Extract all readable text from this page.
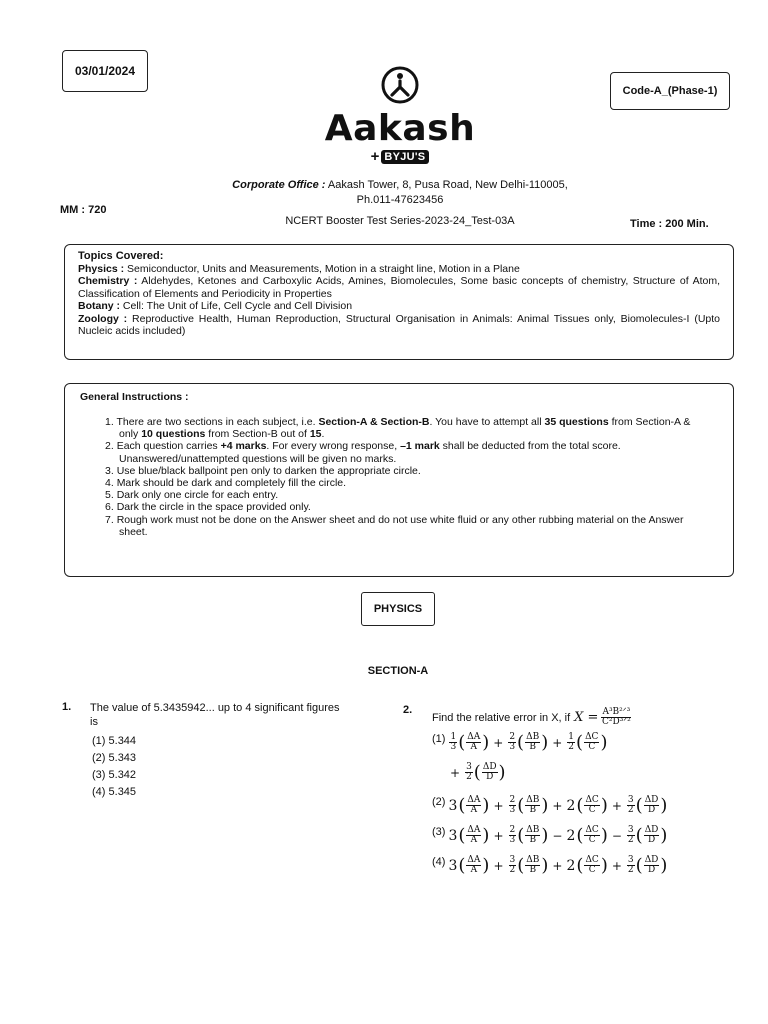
03/01/2024
Code-A_(Phase-1)
Aakash
+ BYJU'S
Corporate Office : Aakash Tower, 8, Pusa Road, New Delhi-110005,
Ph.011-47623456
MM : 720
NCERT Booster Test Series-2023-24_Test-03A	Time : 200 Min.
Topics Covered:
Physics : Semiconductor, Units and Measurements, Motion in a straight line, Motion in a Plane
Chemistry : Aldehydes, Ketones and Carboxylic Acids, Amines, Biomolecules, Some basic concepts of chemistry, Structure of Atom, Classification of Elements and Periodicity in Properties
Botany : Cell: The Unit of Life, Cell Cycle and Cell Division
Zoology : Reproductive Health, Human Reproduction, Structural Organisation in Animals: Animal Tissues only, Biomolecules-I (Upto Nucleic acids included)
General Instructions :
1. There are two sections in each subject, i.e. Section-A & Section-B. You have to attempt all 35 questions from Section-A & only 10 questions from Section-B out of 15.
2. Each question carries +4 marks. For every wrong response, –1 mark shall be deducted from the total score. Unanswered/unattempted questions will be given no marks.
3. Use blue/black ballpoint pen only to darken the appropriate circle.
4. Mark should be dark and completely fill the circle.
5. Dark only one circle for each entry.
6. Dark the circle in the space provided only.
7. Rough work must not be done on the Answer sheet and do not use white fluid or any other rubbing material on the Answer sheet.
PHYSICS
SECTION-A
1. The value of 5.3435942... up to 4 significant figures is
(1) 5.344
(2) 5.343
(3) 5.342
(4) 5.345
2.
Find the relative error in X, if $X = \frac{\text{A³B²ᐟ³}}{\text{C²D³ᐟ²}}$
$(1) \frac{1}{3}$ ( $\frac{\Delta A}{A}$ ) + $\frac{2}{3}$ ( $\frac{\Delta B}{B}$ ) + $\frac{1}{2}$ ( $\frac{\Delta C}{C}$ )
+ $\frac{3}{2}$ ( $\frac{\Delta D}{D}$ )
(2) 3 ( $\frac{\Delta A}{A}$ ) + $\frac{2}{3}$ ( $\frac{\Delta B}{B}$ ) + 2 ( $\frac{\Delta C}{C}$ ) + $\frac{3}{2}$ ( $\frac{\Delta D}{D}$ )
(3) 3 ( $\frac{\Delta A}{A}$ ) + $\frac{2}{3}$ ( $\frac{\Delta B}{B}$ ) − 2 ( $\frac{\Delta C}{C}$ ) − $\frac{3}{2}$ ( $\frac{\Delta D}{D}$ )
(4) 3 ( $\frac{\Delta A}{A}$ ) + $\frac{3}{2}$ ( $\frac{\Delta B}{B}$ ) + 2 ( $\frac{\Delta C}{C}$ ) + $\frac{3}{2}$ ( $\frac{\Delta D}{D}$ )
